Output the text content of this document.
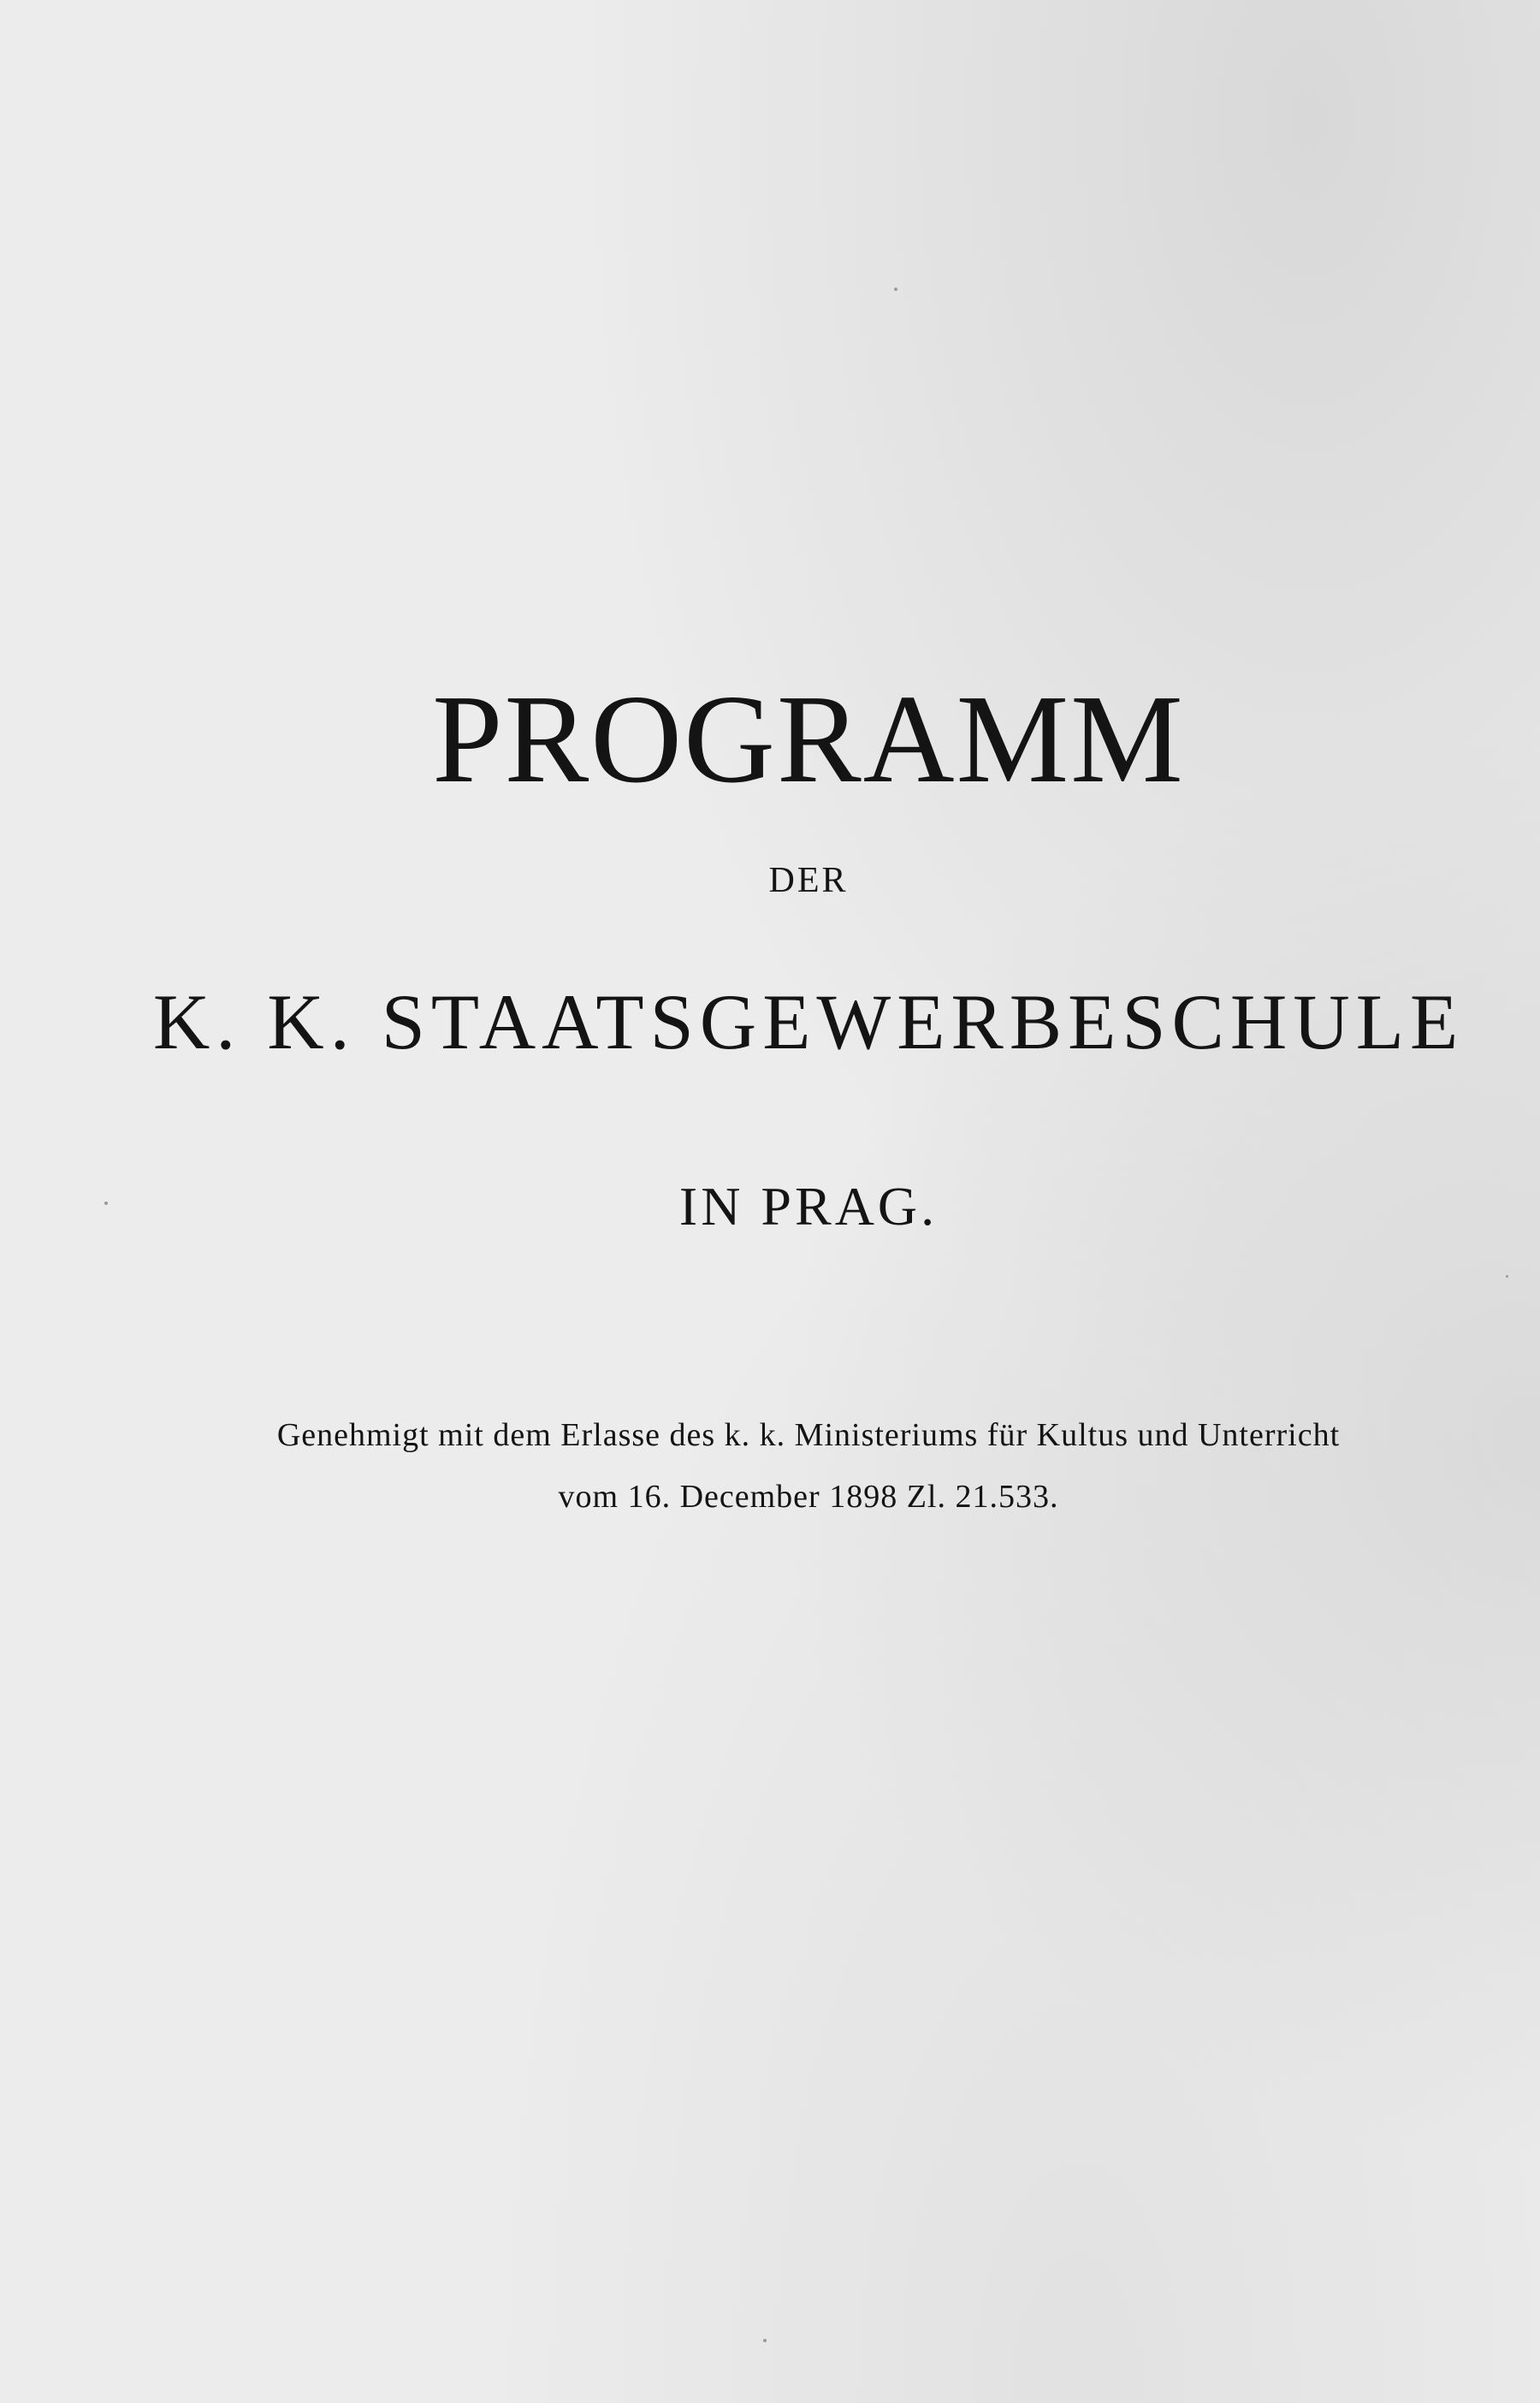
PROGRAMM

DER

K. K. STAATSGEWERBESCHULE

IN PRAG.

Genehmigt mit dem Erlasse des k. k. Ministeriums für Kultus und Unterricht

vom 16. December 1898 Zl. 21.533.
